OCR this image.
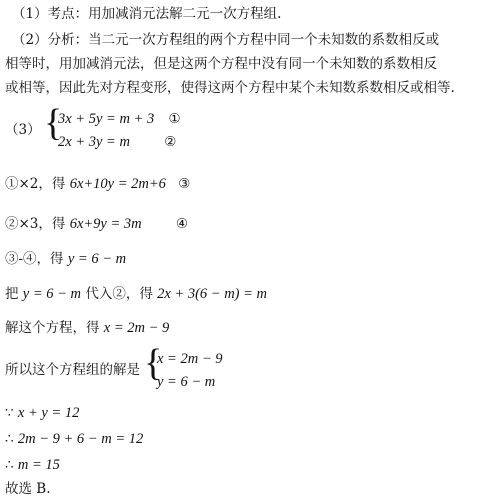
（1）考点：用加减消元法解二元一次方程组.
（2）分析：当二元一次方程组的两个方程中同一个未知数的系数相反或
相等时，用加减消元法，但是这两个方程中没有同一个未知数的系数相反
或相等，因此先对方程变形，使得这两个方程中某个未知数系数相反或相等.
（3） {
3x + 5y = m + 3 ①
2x + 3y = m	②
①×2，得 6x+10y = 2m+6 ③
②×3，得 6x+9y = 3m	④
③-④，得 y = 6 − m
把 y = 6 − m 代入②，得 2x + 3(6 − m) = m
解这个方程，得 x = 2m − 9
所以这个方程组的解是 {
x = 2m − 9
y = 6 − m
∵ x + y = 12
∴ 2m − 9 + 6 − m = 12
∴ m = 15
故选 B.
